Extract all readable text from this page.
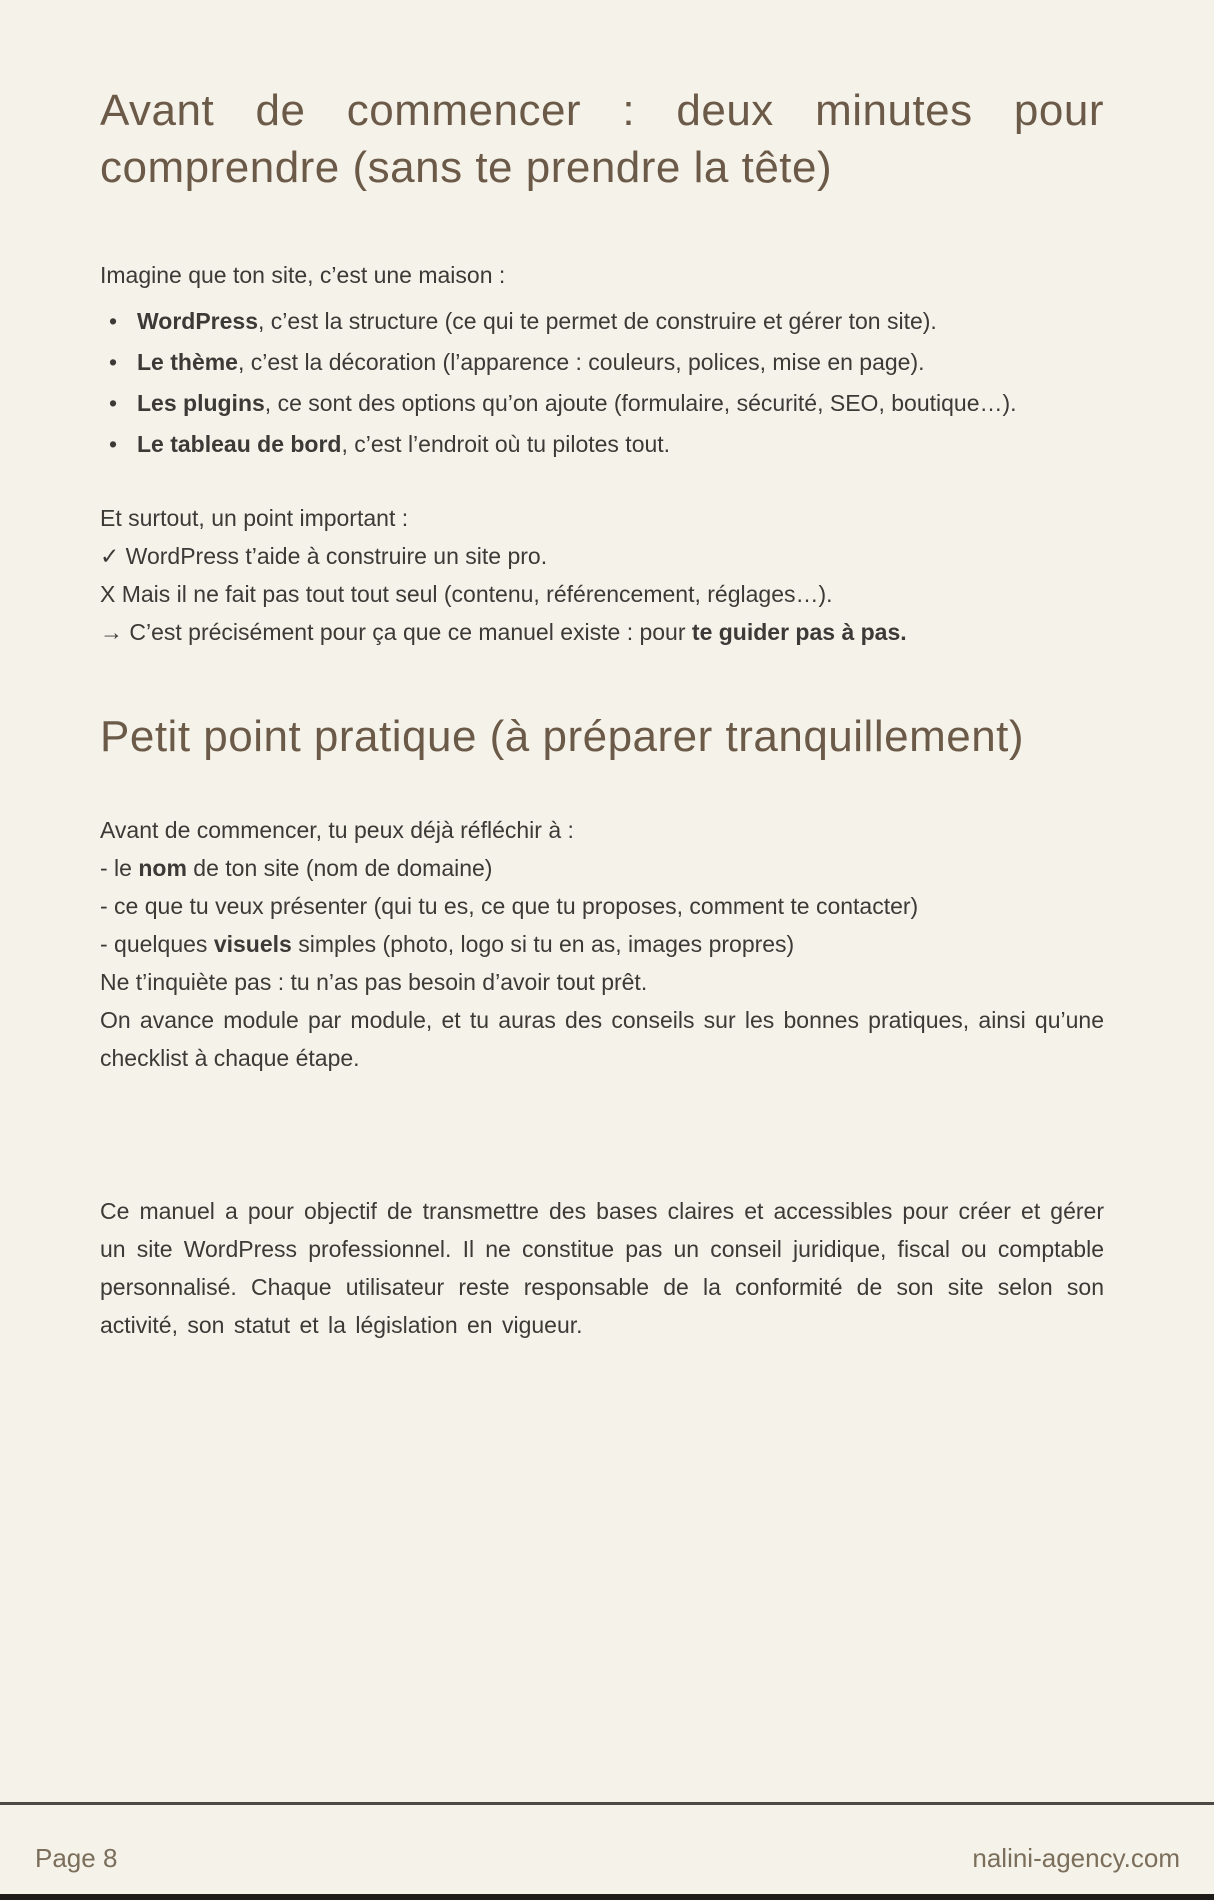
Avant de commencer : deux minutes pour comprendre (sans te prendre la tête)

Imagine que ton site, c’est une maison :

• WordPress, c’est la structure (ce qui te permet de construire et gérer ton site).
• Le thème, c’est la décoration (l’apparence : couleurs, polices, mise en page).
• Les plugins, ce sont des options qu’on ajoute (formulaire, sécurité, SEO, boutique…).
• Le tableau de bord, c’est l’endroit où tu pilotes tout.

Et surtout, un point important :

✓ WordPress t’aide à construire un site pro.

X Mais il ne fait pas tout tout seul (contenu, référencement, réglages…).

→ C’est précisément pour ça que ce manuel existe : pour te guider pas à pas.

Petit point pratique (à préparer tranquillement)

Avant de commencer, tu peux déjà réfléchir à :

- le nom de ton site (nom de domaine)

- ce que tu veux présenter (qui tu es, ce que tu proposes, comment te contacter)

- quelques visuels simples (photo, logo si tu en as, images propres)

Ne t’inquiète pas : tu n’as pas besoin d’avoir tout prêt.

On avance module par module, et tu auras des conseils sur les bonnes pratiques, ainsi qu’une checklist à chaque étape.

Ce manuel a pour objectif de transmettre des bases claires et accessibles pour créer et gérer un site WordPress professionnel. Il ne constitue pas un conseil juridique, fiscal ou comptable personnalisé. Chaque utilisateur reste responsable de la conformité de son site selon son activité, son statut et la législation en vigueur.

Page 8	nalini-agency.com
